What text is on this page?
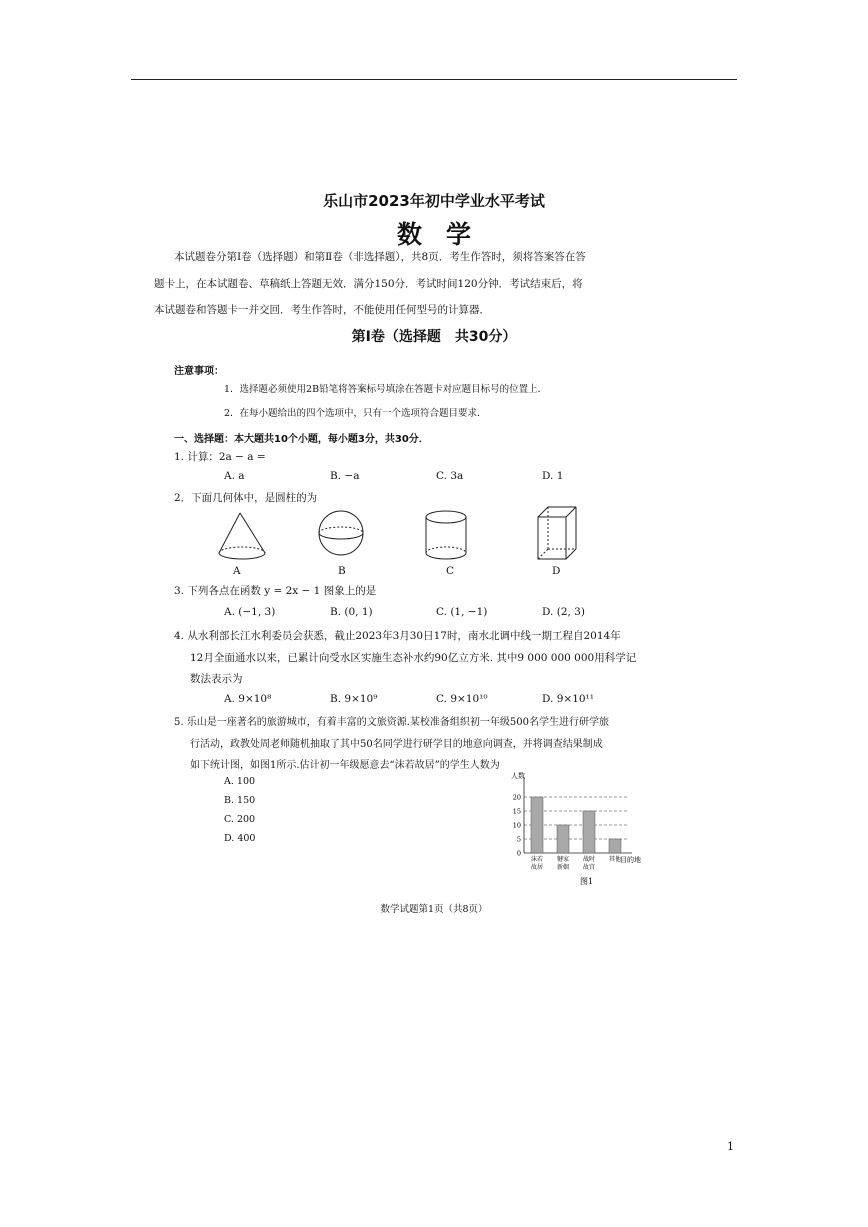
乐山市2023年初中学业水平考试
数学
本试题卷分第Ⅰ卷（选择题）和第Ⅱ卷（非选择题），共8页．考生作答时，须将答案答在答
题卡上，在本试题卷、草稿纸上答题无效．满分150分．考试时间120分钟．考试结束后，将
本试题卷和答题卡一并交回．考生作答时，不能使用任何型号的计算器．
第Ⅰ卷（选择题　共30分）
注意事项：
1．选择题必须使用2B铅笔将答案标号填涂在答题卡对应题目标号的位置上．
2．在每小题给出的四个选项中，只有一个选项符合题目要求．
一、选择题：本大题共10个小题，每小题3分，共30分．
1. 计算：2a − a =
A. a	B. −a	C. 3a	D. 1
2．下面几何体中，是圆柱的为
A	B	C	D
3. 下列各点在函数 y = 2x − 1 图象上的是
A. (−1, 3)	B. (0, 1)	C. (1, −1)	D. (2, 3)
4. 从水利部长江水利委员会获悉，截止2023年3月30日17时，南水北调中线一期工程自2014年
12月全面通水以来，已累计向受水区实施生态补水约90亿立方米. 其中9 000 000 000用科学记
数法表示为
A. 9×10⁸	B. 9×10⁹	C. 9×10¹⁰	D. 9×10¹¹
5. 乐山是一座著名的旅游城市，有着丰富的文旅资源.某校准备组织初一年级500名学生进行研学旅
行活动，政教处周老师随机抽取了其中50名同学进行研学目的地意向调查，并将调查结果制成
如下统计图，如图1所示.估计初一年级愿意去“沫若故居”的学生人数为
A. 100
B. 150
C. 200
D. 400
人数
0
5
10
15
20
沫若
故居
犍家
新姻
战时
故宫
其他
目的地
图1
数学试题第1页（共8页）
1
